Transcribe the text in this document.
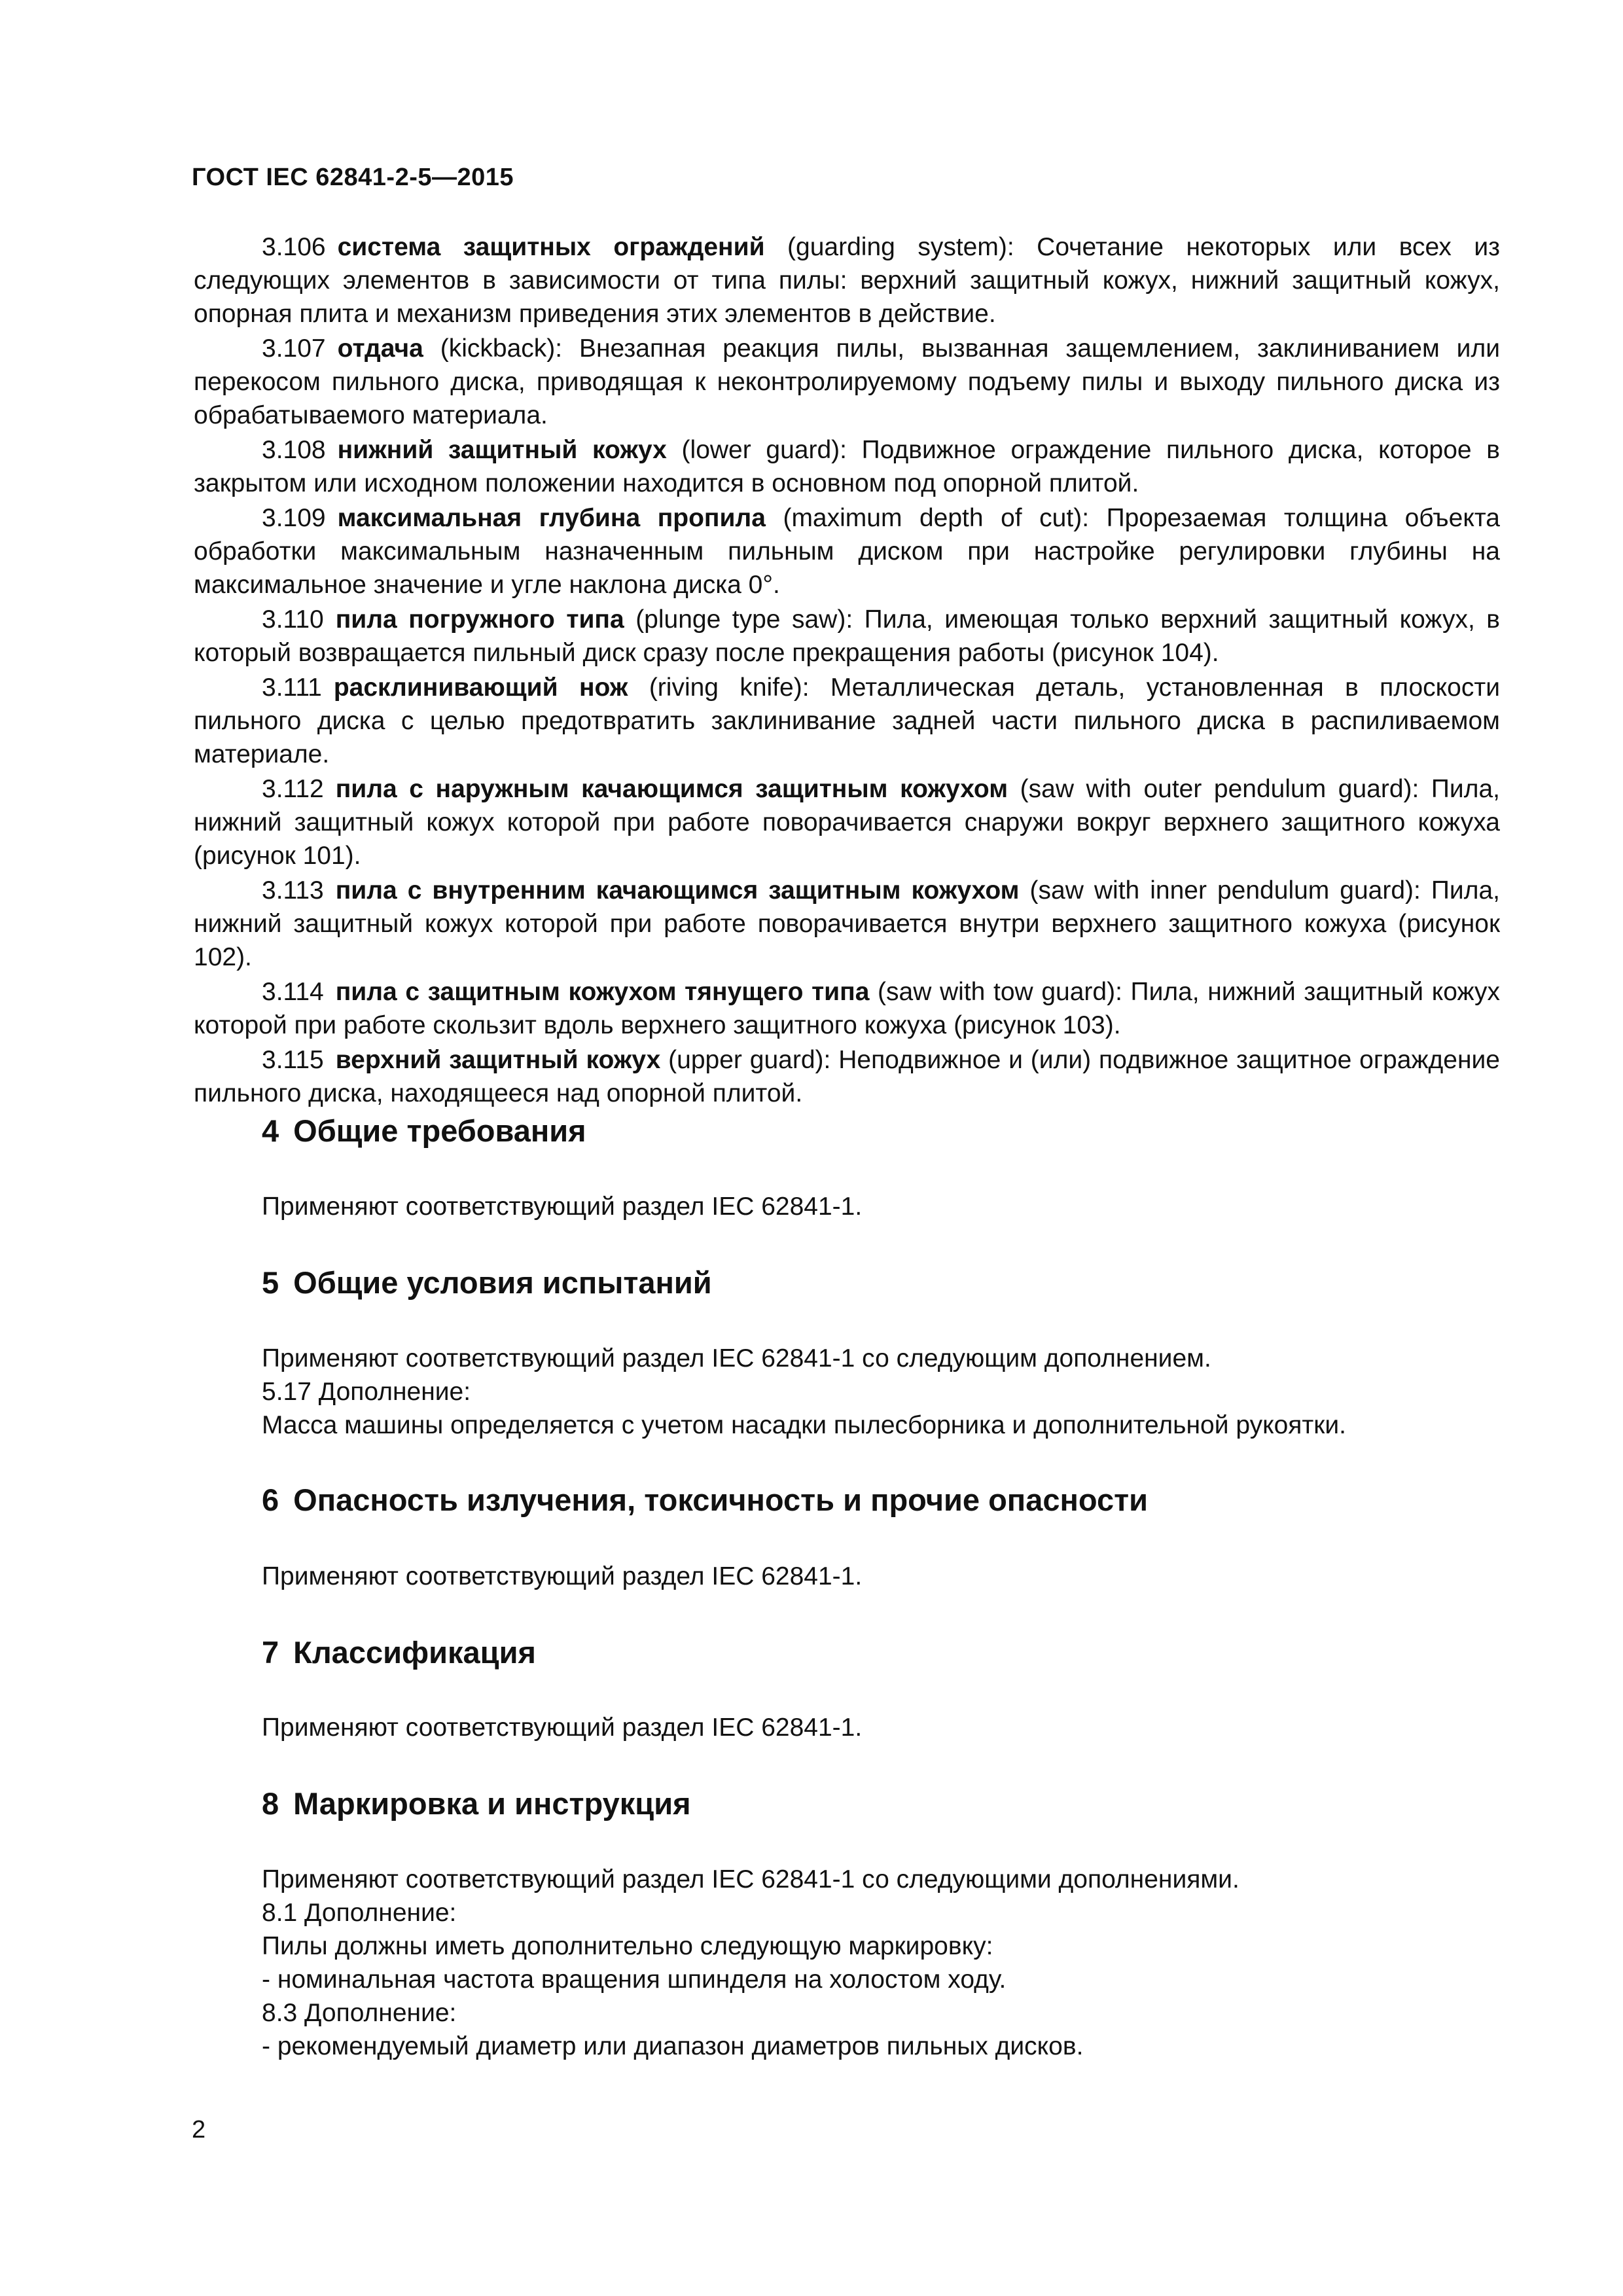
ГОСТ IEC 62841-2-5—2015

3.106 система защитных ограждений (guarding system): Сочетание некоторых или всех из следующих элементов в зависимости от типа пилы: верхний защитный кожух, нижний защитный кожух, опорная плита и механизм приведения этих элементов в действие.

3.107 отдача (kickback): Внезапная реакция пилы, вызванная защемлением, заклиниванием или перекосом пильного диска, приводящая к неконтролируемому подъему пилы и выходу пильного диска из обрабатываемого материала.

3.108 нижний защитный кожух (lower guard): Подвижное ограждение пильного диска, которое в закрытом или исходном положении находится в основном под опорной плитой.

3.109 максимальная глубина пропила (maximum depth of cut): Прорезаемая толщина объекта обработки максимальным назначенным пильным диском при настройке регулировки глубины на максимальное значение и угле наклона диска 0°.

3.110 пила погружного типа (plunge type saw): Пила, имеющая только верхний защитный кожух, в который возвращается пильный диск сразу после прекращения работы (рисунок 104).

3.111 расклинивающий нож (riving knife): Металлическая деталь, установленная в плоскости пильного диска с целью предотвратить заклинивание задней части пильного диска в распиливаемом материале.

3.112 пила с наружным качающимся защитным кожухом (saw with outer pendulum guard): Пила, нижний защитный кожух которой при работе поворачивается снаружи вокруг верхнего защитного кожуха (рисунок 101).

3.113 пила с внутренним качающимся защитным кожухом (saw with inner pendulum guard): Пила, нижний защитный кожух которой при работе поворачивается внутри верхнего защитного кожуха (рисунок 102).

3.114 пила с защитным кожухом тянущего типа (saw with tow guard): Пила, нижний защитный кожух которой при работе скользит вдоль верхнего защитного кожуха (рисунок 103).

3.115 верхний защитный кожух (upper guard): Неподвижное и (или) подвижное защитное ограждение пильного диска, находящееся над опорной плитой.

4 Общие требования
Применяют соответствующий раздел IEC 62841-1.
5 Общие условия испытаний
Применяют соответствующий раздел IEC 62841-1 со следующим дополнением.
5.17 Дополнение:
Масса машины определяется с учетом насадки пылесборника и дополнительной рукоятки.
6 Опасность излучения, токсичность и прочие опасности
Применяют соответствующий раздел IEC 62841-1.
7 Классификация
Применяют соответствующий раздел IEC 62841-1.
8 Маркировка и инструкция
Применяют соответствующий раздел IEC 62841-1 со следующими дополнениями.
8.1 Дополнение:
Пилы должны иметь дополнительно следующую маркировку:
- номинальная частота вращения шпинделя на холостом ходу.
8.3 Дополнение:
- рекомендуемый диаметр или диапазон диаметров пильных дисков.
2
